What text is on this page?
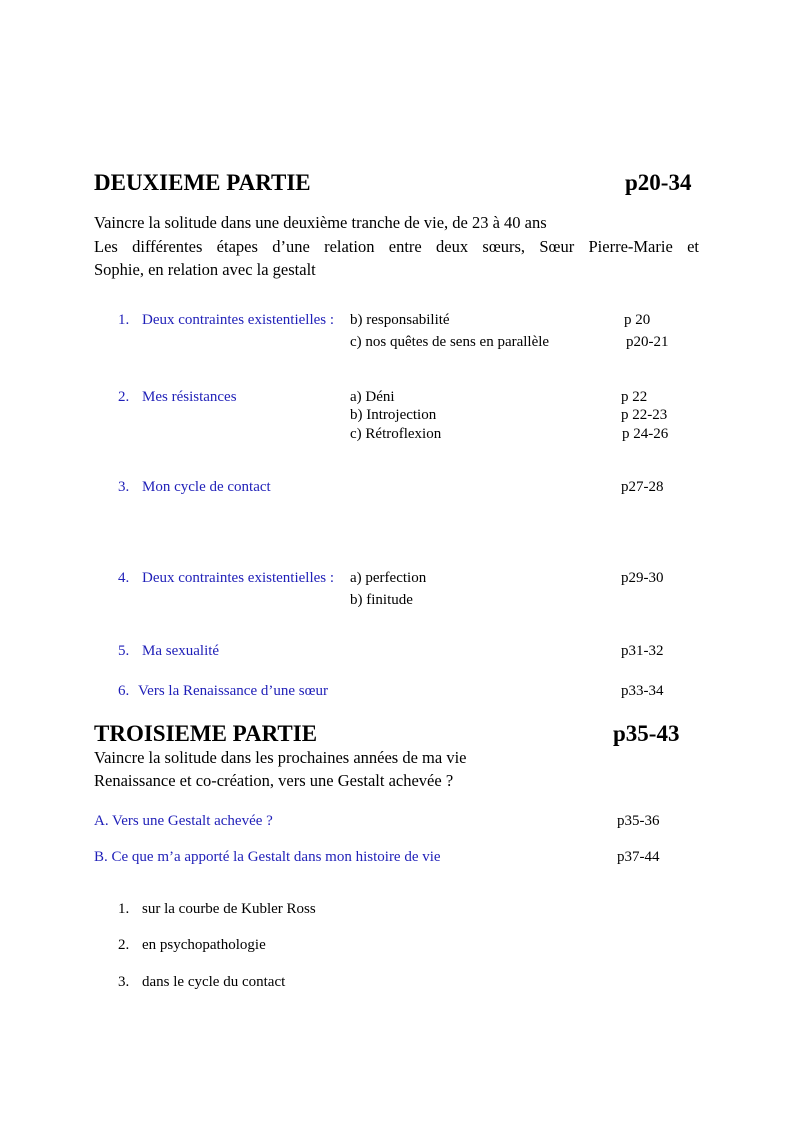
DEUXIEME PARTIE	p20-34
Vaincre la solitude dans une deuxième tranche de vie, de 23 à 40 ans
Les différentes étapes d’une relation entre deux sœurs, Sœur Pierre-Marie et
Sophie, en relation avec la gestalt
1. Deux contraintes existentielles : b) responsabilité	p 20
c) nos quêtes de sens en parallèle	p20-21
2. Mes résistances	a) Déni	p 22
b) Introjection	p 22-23
c) Rétroflexion	p 24-26
3. Mon cycle de contact	p27-28
4. Deux contraintes existentielles : a) perfection	p29-30
b) finitude
5. Ma sexualité	p31-32
6. Vers la Renaissance d’une sœur	p33-34
TROISIEME PARTIE	p35-43
Vaincre la solitude dans les prochaines années de ma vie
Renaissance et co-création, vers une Gestalt achevée ?
A. Vers une Gestalt achevée ?	p35-36
B. Ce que m’a apporté la Gestalt dans mon histoire de vie	p37-44
1. sur la courbe de Kubler Ross
2. en psychopathologie
3. dans le cycle du contact
